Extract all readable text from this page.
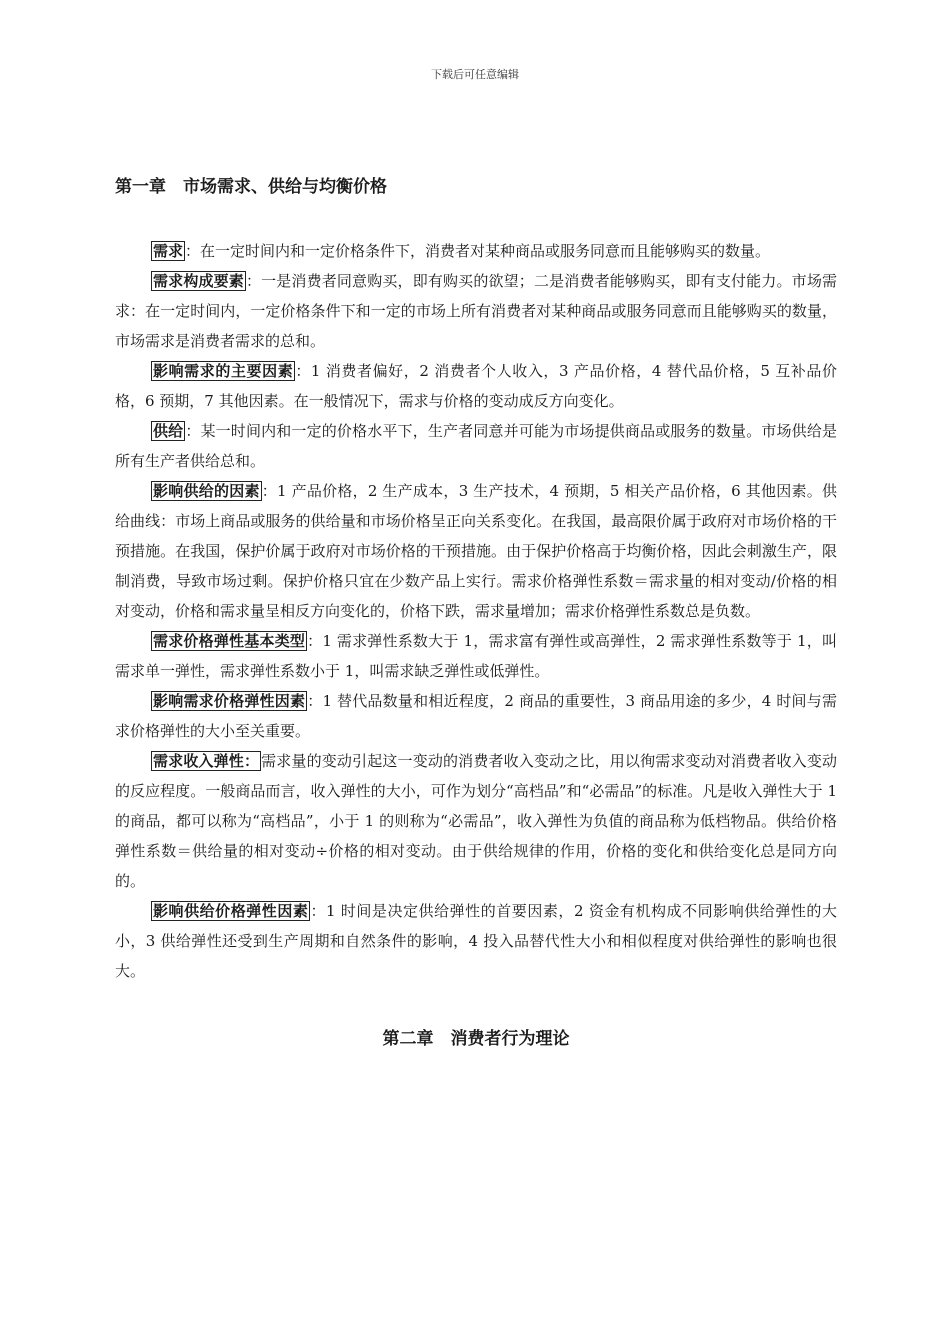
下载后可任意编辑
第一章　市场需求、供给与均衡价格

需求 ：在一定时间内和一定价格条件下，消费者对某种商品或服务同意而且能够购买的数量。

需求构成要素 ：一是消费者同意购买，即有购买的欲望；二是消费者能够购买，即有支付能力。市场需求：在一定时间内，一定价格条件下和一定的市场上所有消费者对某种商品或服务同意而且能够购买的数量，市场需求是消费者需求的总和。

影响需求的主要因素 ：1 消费者偏好，2 消费者个人收入，3 产品价格，4 替代品价格，5 互补品价格，6 预期，7 其他因素。在一般情况下，需求与价格的变动成反方向变化。

供给 ：某一时间内和一定的价格水平下，生产者同意并可能为市场提供商品或服务的数量。市场供给是所有生产者供给总和。

影响供给的因素 ：1 产品价格，2 生产成本，3 生产技术，4 预期，5 相关产品价格，6 其他因素。供给曲线：市场上商品或服务的供给量和市场价格呈正向关系变化。在我国，最高限价属于政府对市场价格的干预措施。在我国，保护价属于政府对市场价格的干预措施。由于保护价格高于均衡价格，因此会刺激生产，限制消费，导致市场过剩。保护价格只宜在少数产品上实行。需求价格弹性系数＝需求量的相对变动/价格的相对变动，价格和需求量呈相反方向变化的，价格下跌，需求量增加；需求价格弹性系数总是负数。

需求价格弹性基本类型 ：1 需求弹性系数大于 1，需求富有弹性或高弹性，2 需求弹性系数等于 1，叫需求单一弹性，需求弹性系数小于 1，叫需求缺乏弹性或低弹性。

影响需求价格弹性因素 ：1 替代品数量和相近程度，2 商品的重要性，3 商品用途的多少，4 时间与需求价格弹性的大小至关重要。

需求收入弹性： 需求量的变动引起这一变动的消费者收入变动之比，用以徇需求变动对消费者收入变动的反应程度。一般商品而言，收入弹性的大小，可作为划分“高档品”和“必需品”的标准。凡是收入弹性大于 1 的商品，都可以称为“高档品”，小于 1 的则称为“必需品”，收入弹性为负值的商品称为低档物品。供给价格弹性系数＝供给量的相对变动÷价格的相对变动。由于供给规律的作用，价格的变化和供给变化总是同方向的。

影响供给价格弹性因素 ：1 时间是决定供给弹性的首要因素，2 资金有机构成不同影响供给弹性的大小，3 供给弹性还受到生产周期和自然条件的影响，4 投入品替代性大小和相似程度对供给弹性的影响也很大。

第二章　消费者行为理论
